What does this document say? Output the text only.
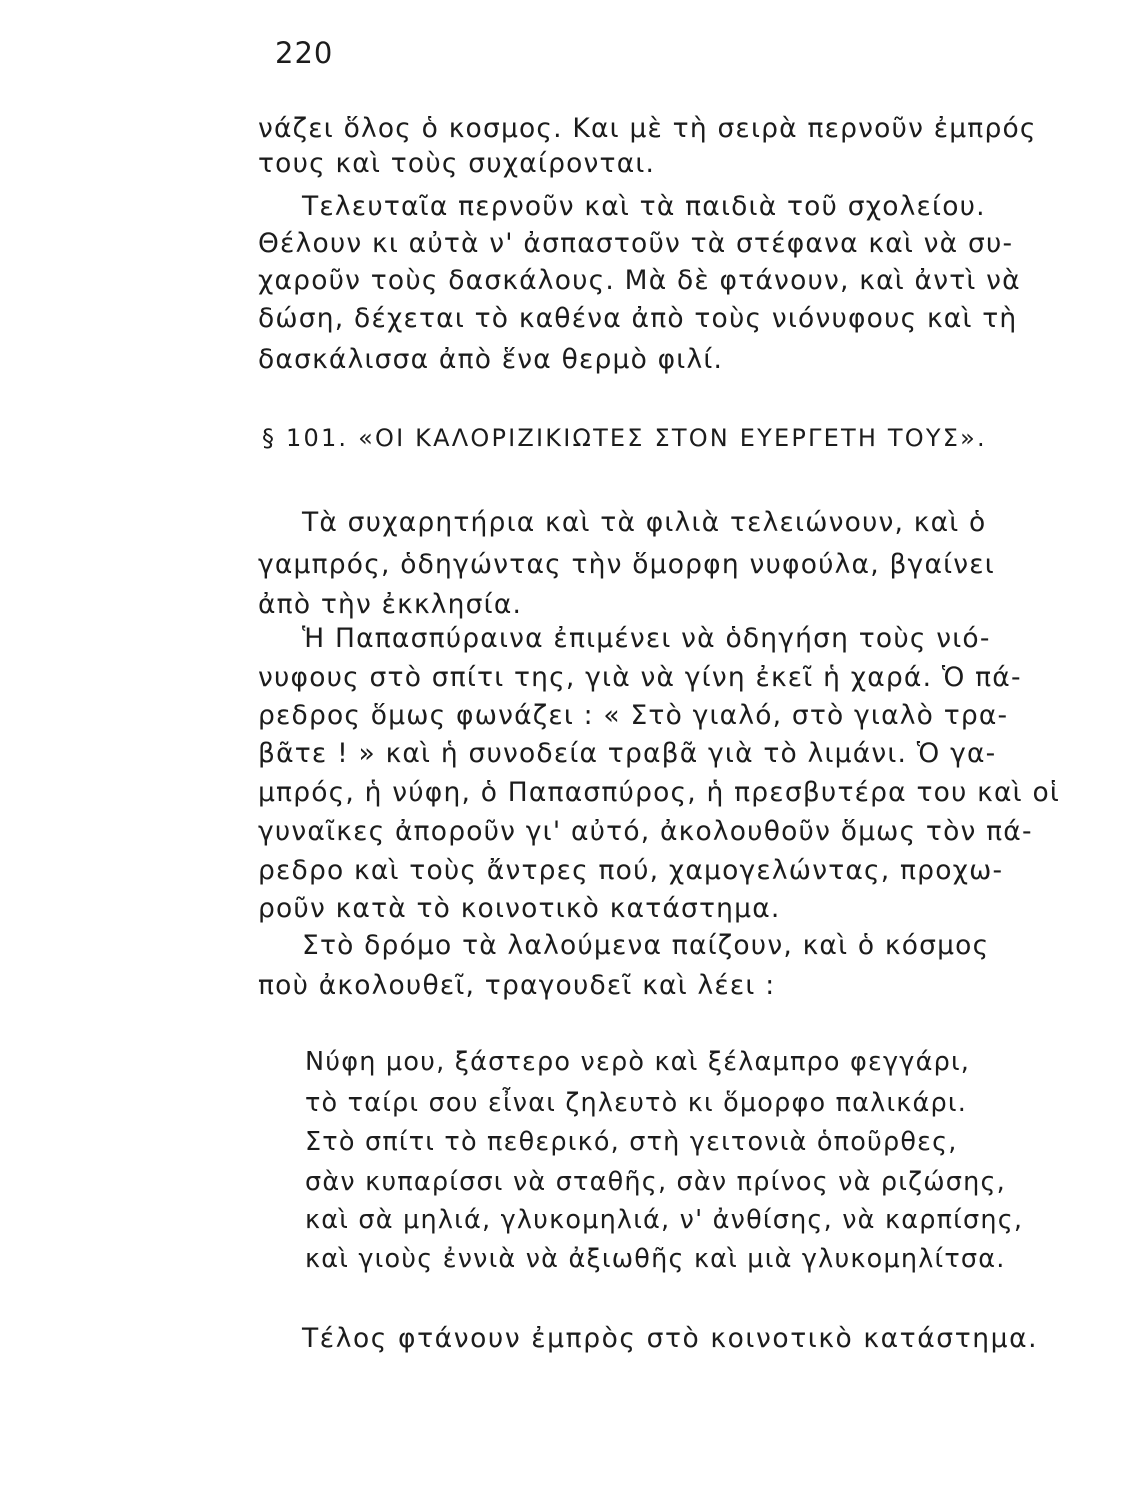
220
νάζει ὅλος ὁ κοσμος. Και μὲ τὴ σειρὰ περνοῦν ἐμπρός
τους καὶ τοὺς συχαίρονται.
Τελευταῖα περνοῦν καὶ τὰ παιδιὰ τοῦ σχολείου.
Θέλουν κι αὐτὰ ν' ἀσπαστοῦν τὰ στέφανα καὶ νὰ συ-
χαροῦν τοὺς δασκάλους. Μὰ δὲ φτάνουν, καὶ ἀντὶ νὰ
δώση, δέχεται τὸ καθένα ἀπὸ τοὺς νιόνυφους καὶ τὴ
δασκάλισσα ἀπὸ ἕνα θερμὸ φιλί.
§ 101. «ΟΙ ΚΑΛΟΡΙΖΙΚΙΩΤΕΣ ΣΤΟΝ ΕΥΕΡΓΕΤΗ ΤΟΥΣ».
Τὰ συχαρητήρια καὶ τὰ φιλιὰ τελειώνουν, καὶ ὁ
γαμπρός, ὁδηγώντας τὴν ὅμορφη νυφούλα, βγαίνει
ἀπὸ τὴν ἐκκλησία.
Ἡ Παπασπύραινα ἐπιμένει νὰ ὁδηγήση τοὺς νιό-
νυφους στὸ σπίτι της, γιὰ νὰ γίνη ἐκεῖ ἡ χαρά. Ὁ πά-
ρεδρος ὅμως φωνάζει : « Στὸ γιαλό, στὸ γιαλὸ τρα-
βᾶτε ! » καὶ ἡ συνοδεία τραβᾶ γιὰ τὸ λιμάνι. Ὁ γα-
μπρός, ἡ νύφη, ὁ Παπασπύρος, ἡ πρεσβυτέρα του καὶ οἱ
γυναῖκες ἀποροῦν γι' αὐτό, ἀκολουθοῦν ὅμως τὸν πά-
ρεδρο καὶ τοὺς ἄντρες πού, χαμογελώντας, προχω-
ροῦν κατὰ τὸ κοινοτικὸ κατάστημα.
Στὸ δρόμο τὰ λαλούμενα παίζουν, καὶ ὁ κόσμος
ποὺ ἀκολουθεῖ, τραγουδεῖ καὶ λέει :
Νύφη μου, ξάστερο νερὸ καὶ ξέλαμπρο φεγγάρι,
τὸ ταίρι σου εἶναι ζηλευτὸ κι ὅμορφο παλικάρι.
Στὸ σπίτι τὸ πεθερικό, στὴ γειτονιὰ ὁποῦρθες,
σὰν κυπαρίσσι νὰ σταθῆς, σὰν πρίνος νὰ ριζώσης,
καὶ σὰ μηλιά, γλυκομηλιά, ν' ἀνθίσης, νὰ καρπίσης,
καὶ γιοὺς ἐννιὰ νὰ ἀξιωθῆς καὶ μιὰ γλυκομηλίτσα.
Τέλος φτάνουν ἐμπρὸς στὸ κοινοτικὸ κατάστημα.
